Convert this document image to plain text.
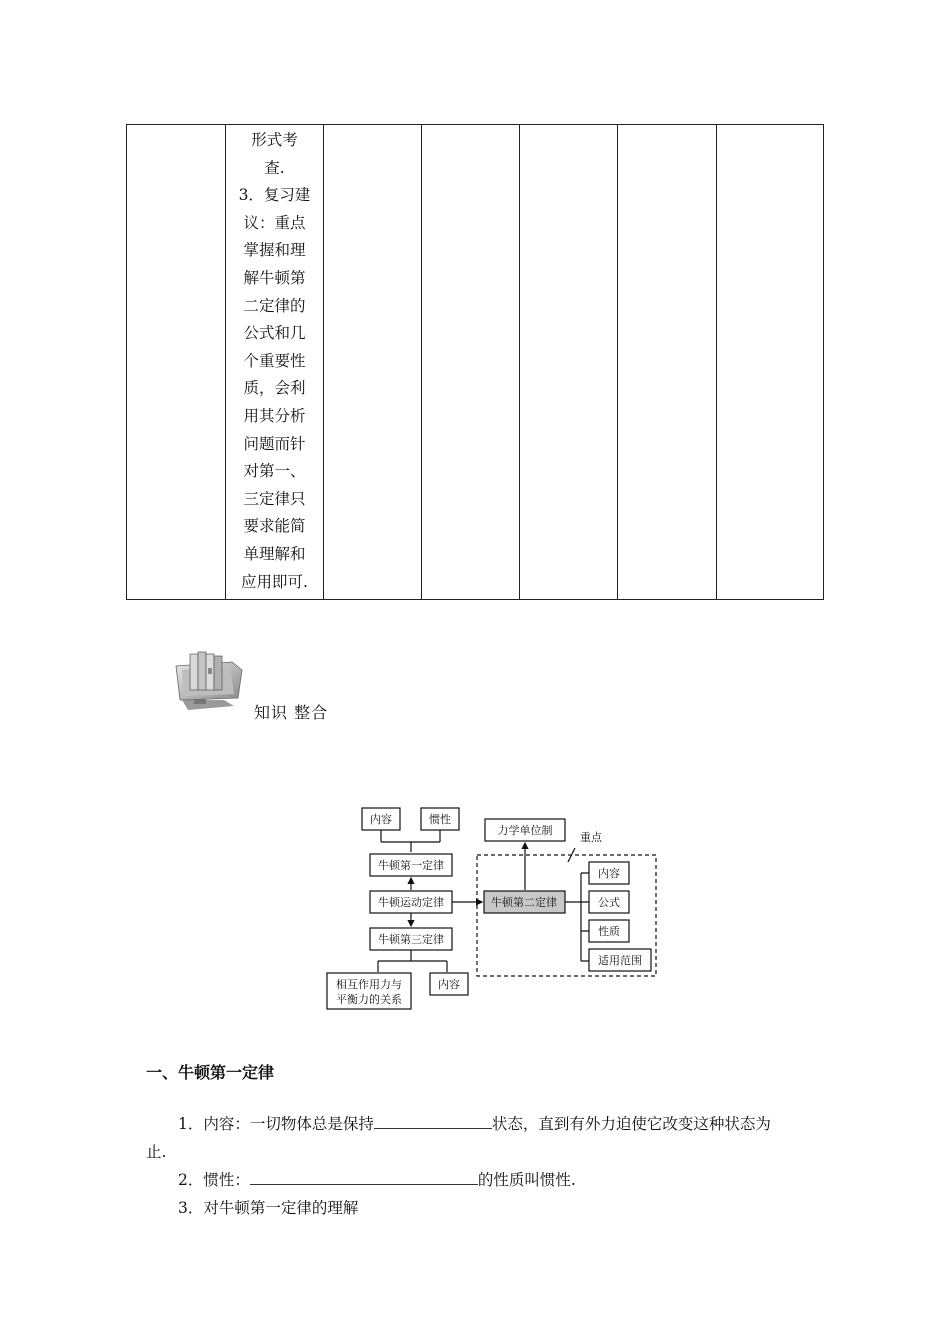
形式考
查.
3．复习建
议：重点
掌握和理
解牛顿第
二定律的
公式和几
个重要性
质，会利
用其分析
问题而针
对第一、
三定律只
要求能简
单理解和
应用即可.
知识 整合
内容	惯性
牛顿第一定律
牛顿运动定律
牛顿第三定律
相互作用力与
平衡力的关系
内容
力学单位制
重点
牛顿第二定律
内容
公式
性质
适用范围
一、牛顿第一定律
1．内容：一切物体总是保持	状态，直到有外力迫使它改变这种状态为
止.
2．惯性：	的性质叫惯性.
3．对牛顿第一定律的理解
